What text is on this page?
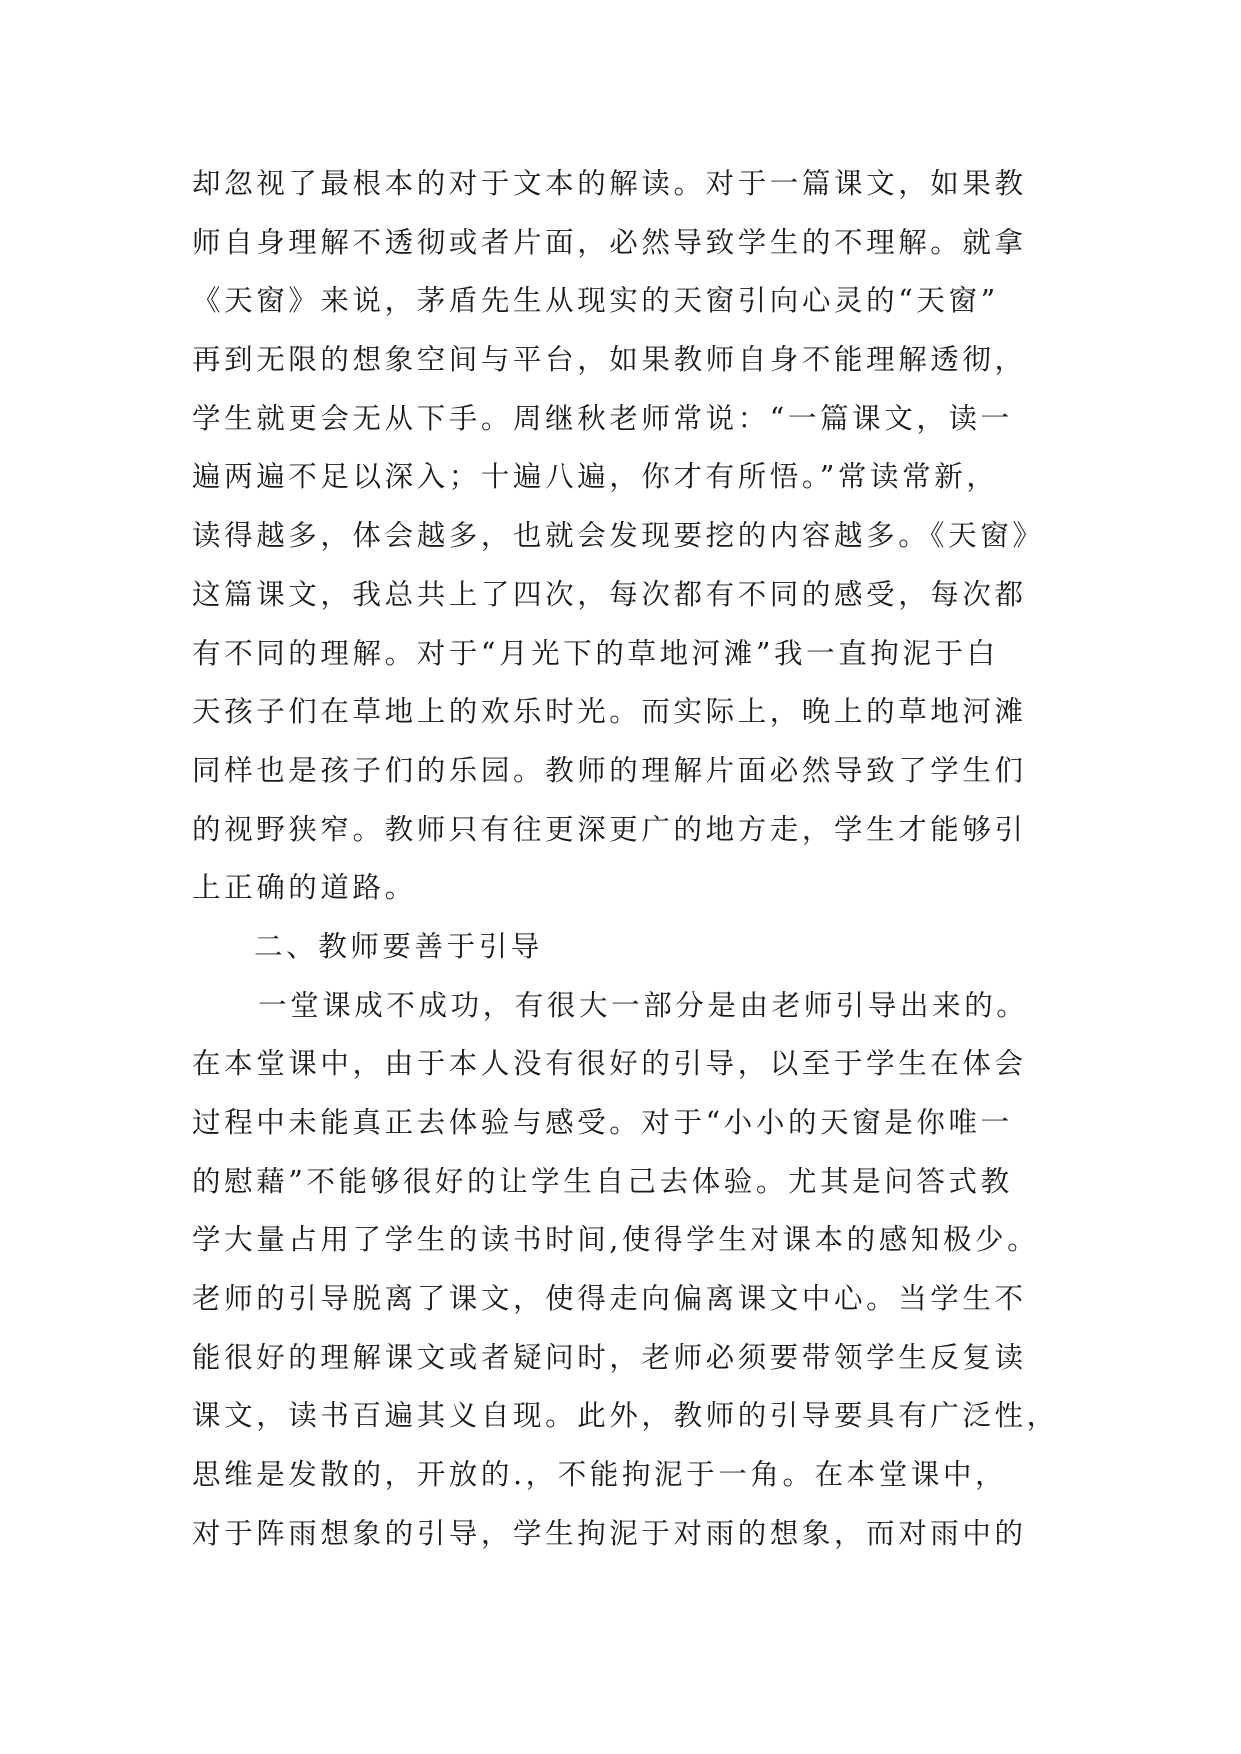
却忽视了最根本的对于文本的解读。对于一篇课文，如果教
师自身理解不透彻或者片面，必然导致学生的不理解。就拿
《天窗》来说，茅盾先生从现实的天窗引向心灵的“天窗”
再到无限的想象空间与平台，如果教师自身不能理解透彻，
学生就更会无从下手。周继秋老师常说：“一篇课文，读一
遍两遍不足以深入；十遍八遍，你才有所悟。”常读常新，
读得越多，体会越多，也就会发现要挖的内容越多。《天窗》
这篇课文，我总共上了四次，每次都有不同的感受，每次都
有不同的理解。对于“月光下的草地河滩”我一直拘泥于白
天孩子们在草地上的欢乐时光。而实际上，晚上的草地河滩
同样也是孩子们的乐园。教师的理解片面必然导致了学生们
的视野狭窄。教师只有往更深更广的地方走，学生才能够引
上正确的道路。
二、教师要善于引导
一堂课成不成功，有很大一部分是由老师引导出来的。
在本堂课中，由于本人没有很好的引导，以至于学生在体会
过程中未能真正去体验与感受。对于“小小的天窗是你唯一
的慰藉”不能够很好的让学生自己去体验。尤其是问答式教
学大量占用了学生的读书时间,使得学生对课本的感知极少。
老师的引导脱离了课文，使得走向偏离课文中心。当学生不
能很好的理解课文或者疑问时，老师必须要带领学生反复读
课文，读书百遍其义自现。此外，教师的引导要具有广泛性，
思维是发散的，开放的.，不能拘泥于一角。在本堂课中，
对于阵雨想象的引导，学生拘泥于对雨的想象，而对雨中的
